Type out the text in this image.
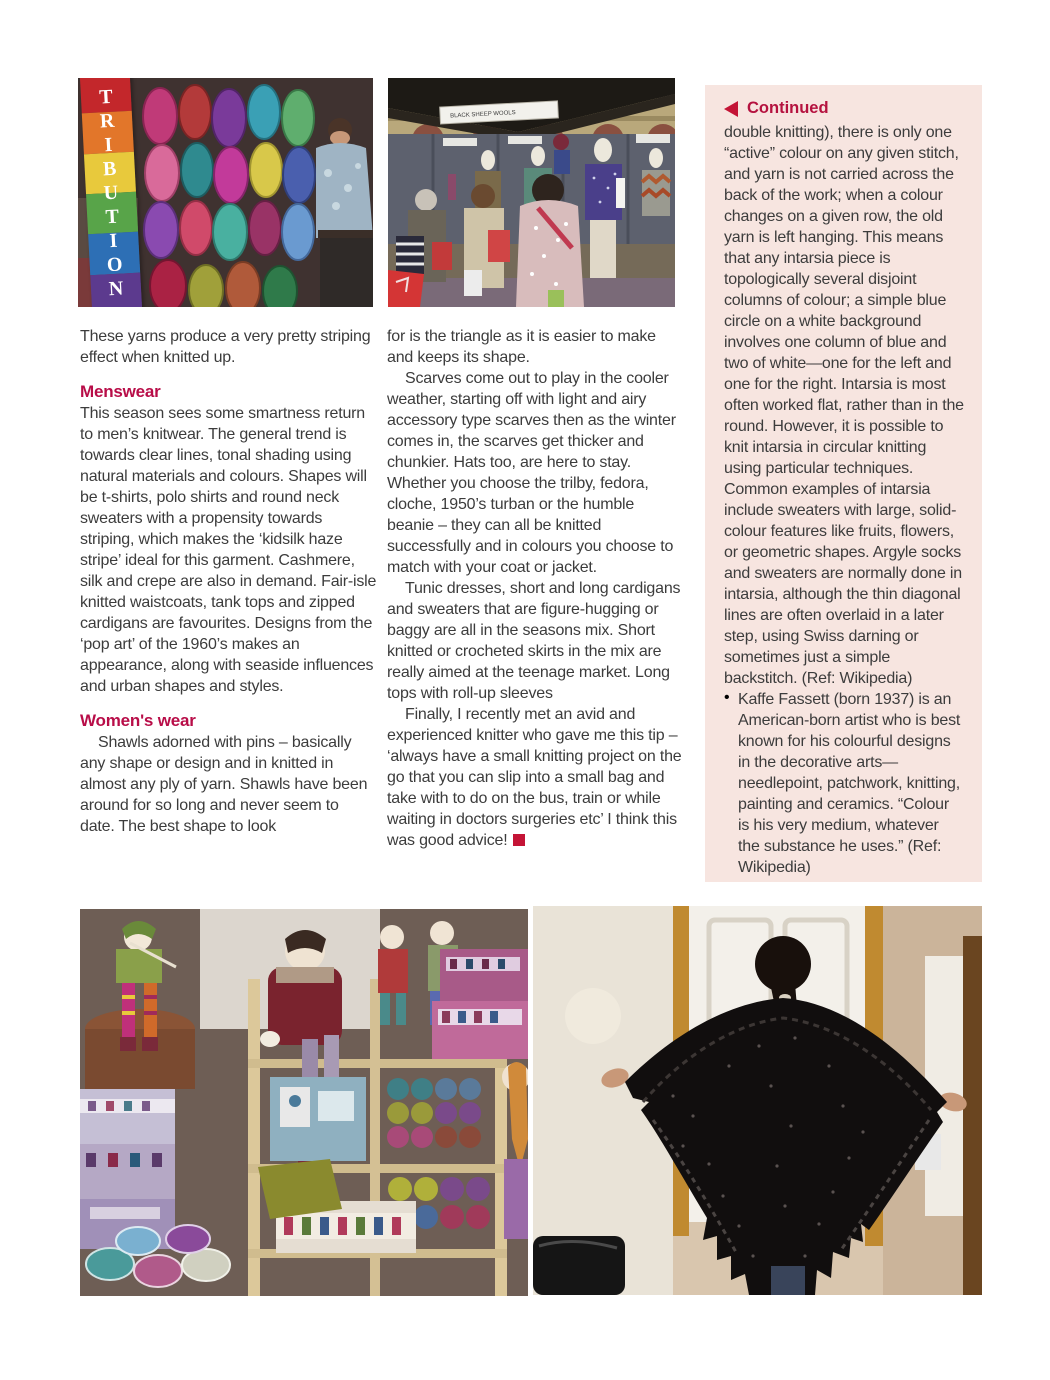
TRIBUTION	BLACK SHEEP WOOLS	Continued

double knitting), there is only one “active” colour on any given stitch, and yarn is not carried across the back of the work; when a colour changes on a given row, the old yarn is left hanging. This means that any intarsia piece is topologically several disjoint columns of colour; a simple blue circle on a white background involves one column of blue and two of white—one for the left and one for the right. Intarsia is most often worked flat, rather than in the round. However, it is possible to knit intarsia in circular knitting using particular techniques. Common examples of intarsia include sweaters with large, solid-colour features like fruits, flowers, or geometric shapes. Argyle socks and sweaters are normally done in intarsia, although the thin diagonal lines are often overlaid in a later step, using Swiss darning or sometimes just a simple backstitch. (Ref: Wikipedia)

• Kaffe Fassett (born 1937) is an American-born artist who is best known for his colourful designs in the decorative arts—needlepoint, patchwork, knitting, painting and ceramics. “Colour is his very medium, whatever the substance he uses.” (Ref: Wikipedia)

These yarns produce a very pretty striping effect when knitted up.

Menswear

This season sees some smartness return to men’s knitwear. The general trend is towards clear lines, tonal shading using natural materials and colours. Shapes will be t-shirts, polo shirts and round neck sweaters with a propensity towards striping, which makes the ‘kidsilk haze stripe’ ideal for this garment. Cashmere, silk and crepe are also in demand. Fair-isle knitted waistcoats, tank tops and zipped cardigans are favourites. Designs from the ‘pop art’ of the 1960’s makes an appearance, along with seaside influences and urban shapes and styles.

Women's wear

Shawls adorned with pins – basically any shape or design and in knitted in almost any ply of yarn. Shawls have been around for so long and never seem to date. The best shape to look

for is the triangle as it is easier to make and keeps its shape.

Scarves come out to play in the cooler weather, starting off with light and airy accessory type scarves then as the winter comes in, the scarves get thicker and chunkier. Hats too, are here to stay. Whether you choose the trilby, fedora, cloche, 1950’s turban or the humble beanie – they can all be knitted successfully and in colours you choose to match with your coat or jacket.

Tunic dresses, short and long cardigans and sweaters that are figure-hugging or baggy are all in the seasons mix. Short knitted or crocheted skirts in the mix are really aimed at the teenage market. Long tops with roll-up sleeves

Finally, I recently met an avid and experienced knitter who gave me this tip – ‘always have a small knitting project on the go that you can slip into a small bag and take with to do on the bus, train or while waiting in doctors surgeries etc’ I think this was good advice!
